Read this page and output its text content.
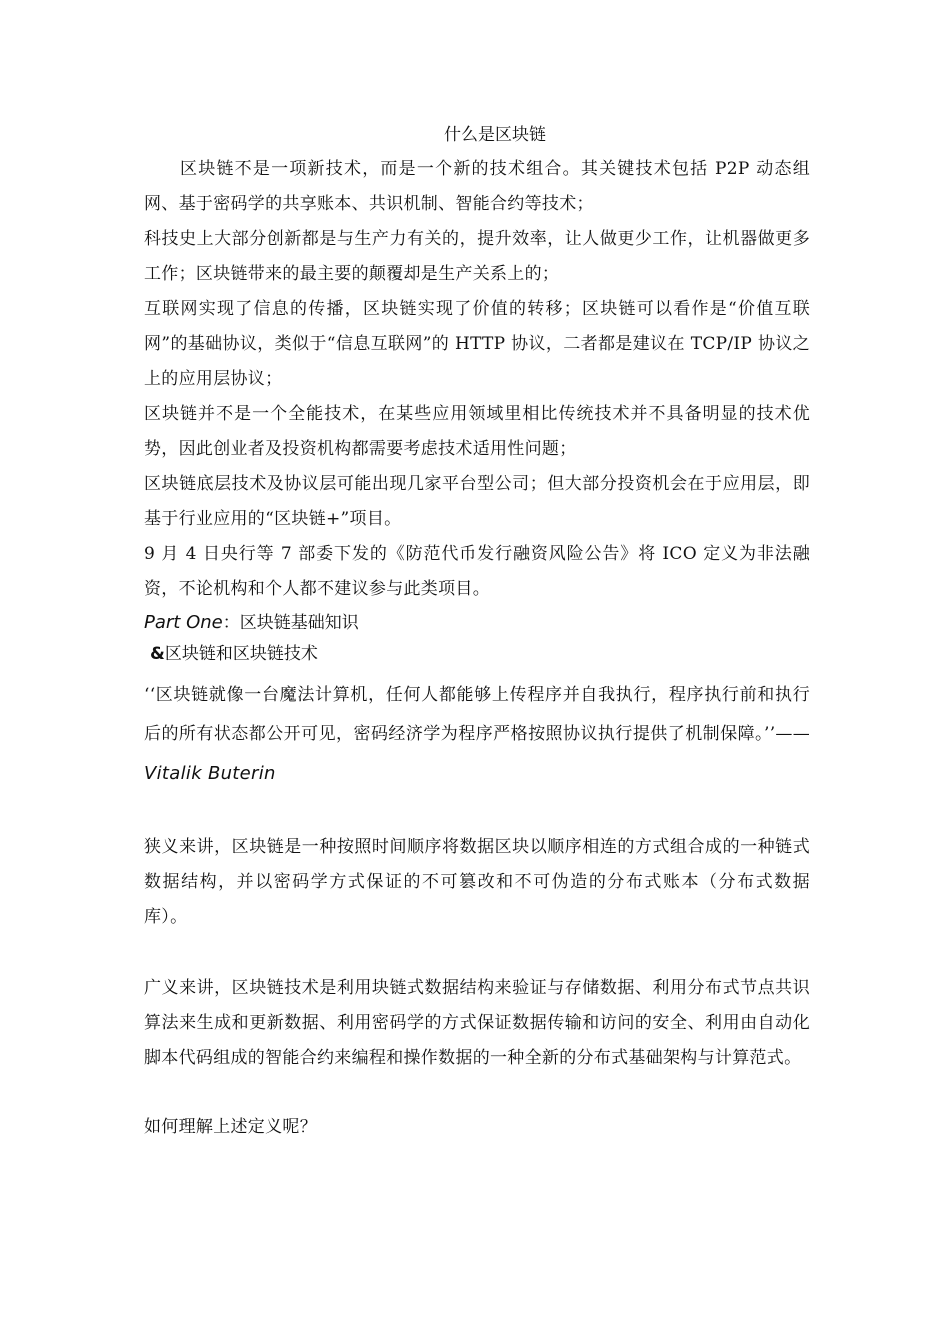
什么是区块链

区块链不是一项新技术，而是一个新的技术组合。其关键技术包括 P2P 动态组网、基于密码学的共享账本、共识机制、智能合约等技术；

科技史上大部分创新都是与生产力有关的，提升效率，让人做更少工作，让机器做更多工作；区块链带来的最主要的颠覆却是生产关系上的；

互联网实现了信息的传播，区块链实现了价值的转移；区块链可以看作是“价值互联网”的基础协议，类似于“信息互联网”的 HTTP 协议，二者都是建议在 TCP/IP 协议之上的应用层协议；

区块链并不是一个全能技术，在某些应用领域里相比传统技术并不具备明显的技术优势，因此创业者及投资机构都需要考虑技术适用性问题；

区块链底层技术及协议层可能出现几家平台型公司；但大部分投资机会在于应用层，即基于行业应用的“区块链+”项目。

9 月 4 日央行等 7 部委下发的《防范代币发行融资风险公告》将 ICO 定义为非法融资，不论机构和个人都不建议参与此类项目。

Part One：区块链基础知识

&区块链和区块链技术

‘‘区块链就像一台魔法计算机，任何人都能够上传程序并自我执行，程序执行前和执行后的所有状态都公开可见，密码经济学为程序严格按照协议执行提供了机制保障。’’——Vitalik Buterin

狭义来讲，区块链是一种按照时间顺序将数据区块以顺序相连的方式组合成的一种链式数据结构，并以密码学方式保证的不可篡改和不可伪造的分布式账本（分布式数据库）。

广义来讲，区块链技术是利用块链式数据结构来验证与存储数据、利用分布式节点共识算法来生成和更新数据、利用密码学的方式保证数据传输和访问的安全、利用由自动化脚本代码组成的智能合约来编程和操作数据的一种全新的分布式基础架构与计算范式。

如何理解上述定义呢？
